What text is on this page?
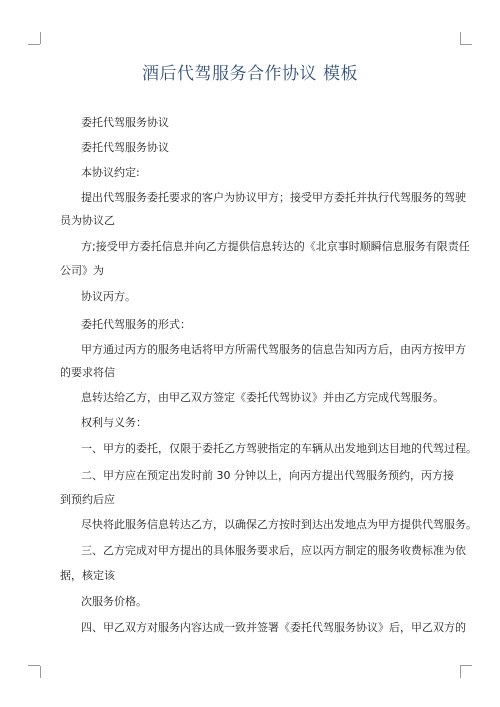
酒后代驾服务合作协议 模板
委托代驾服务协议
委托代驾服务协议
本协议约定:
提出代驾服务委托要求的客户为协议甲方；接受甲方委托并执行代驾服务的驾驶
员为协议乙
方;接受甲方委托信息并向乙方提供信息转达的《北京事时顺瞬信息服务有限责任
公司》为
协议丙方。
委托代驾服务的形式：
甲方通过丙方的服务电话将甲方所需代驾服务的信息告知丙方后，由丙方按甲方
的要求将信
息转达给乙方，由甲乙双方签定《委托代驾协议》并由乙方完成代驾服务。
权利与义务：
一、甲方的委托，仅限于委托乙方驾驶指定的车辆从出发地到达目地的代驾过程。
二、甲方应在预定出发时前 30 分钟以上，向丙方提出代驾服务预约，丙方接
到预约后应
尽快将此服务信息转达乙方，以确保乙方按时到达出发地点为甲方提供代驾服务。
三、乙方完成对甲方提出的具体服务要求后，应以丙方制定的服务收费标准为依
据，核定该
次服务价格。
四、甲乙双方对服务内容达成一致并签署《委托代驾服务协议》后，甲乙双方的
